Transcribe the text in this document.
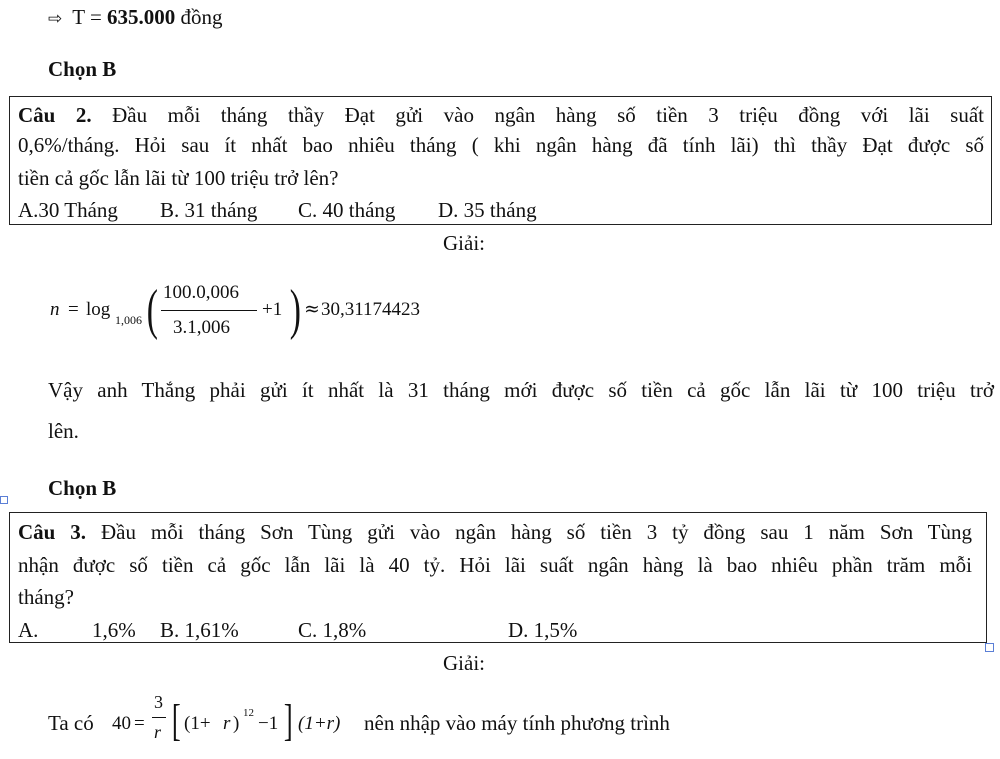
⇨ T = 635.000 đồng
Chọn B
Câu 2. Đầu mỗi tháng thầy Đạt gửi vào ngân hàng số tiền 3 triệu đồng với lãi suất
0,6%/tháng. Hỏi sau ít nhất bao nhiêu tháng ( khi ngân hàng đã tính lãi) thì thầy Đạt được số
tiền cả gốc lẫn lãi từ 100 triệu trở lên?
A.30 Tháng B. 31 tháng C. 40 tháng D. 35 tháng
Giải:
n = log 1,006 ( 100.0,006
3.1,006
+1 ) ≈ 30,31174423
Vậy anh Thắng phải gửi ít nhất là 31 tháng mới được số tiền cả gốc lẫn lãi từ 100 triệu trở
lên.
Chọn B
Câu 3. Đầu mỗi tháng Sơn Tùng gửi vào ngân hàng số tiền 3 tỷ đồng sau 1 năm Sơn Tùng
nhận được số tiền cả gốc lẫn lãi là 40 tỷ. Hỏi lãi suất ngân hàng là bao nhiêu phần trăm mỗi
tháng?
A.	1,6% B. 1,61%	C. 1,8%	D. 1,5%
Giải:
Ta có 40 =
3
r [ (1+ r ) 12 −1 ] (1+r) nên nhập vào máy tính phương trình
